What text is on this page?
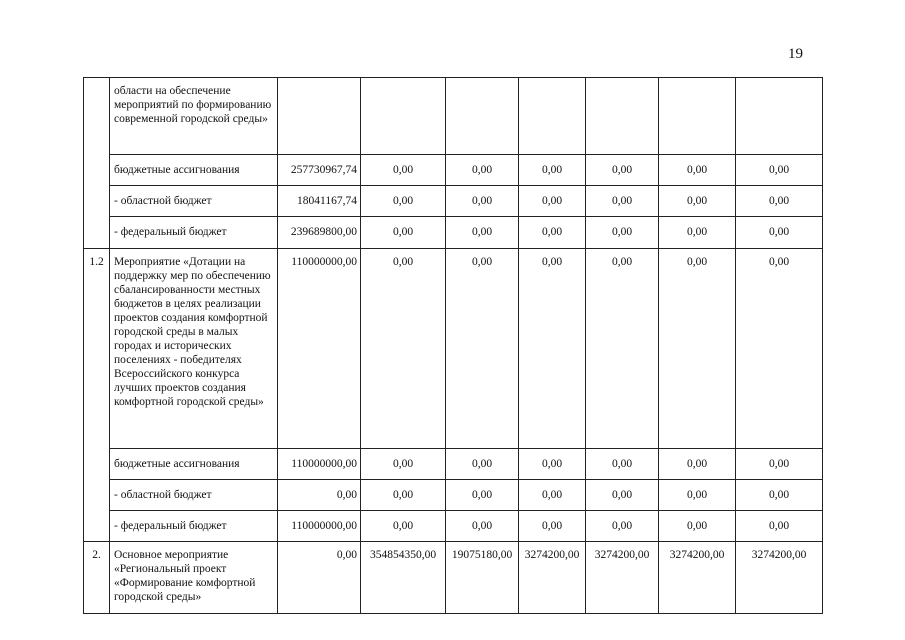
19
	области на обеспечение мероприятий по формированию современной городской среды»							
	бюджетные ассигнования	257730967,74	0,00	0,00	0,00	0,00	0,00	0,00
	- областной бюджет	18041167,74	0,00	0,00	0,00	0,00	0,00	0,00
	- федеральный бюджет	239689800,00	0,00	0,00	0,00	0,00	0,00	0,00
1.2	Мероприятие «Дотации на поддержку мер по обеспечению сбалансированности местных бюджетов в целях реализации проектов создания комфортной городской среды в малых городах и исторических поселениях - победителях Всероссийского конкурса лучших проектов создания комфортной городской среды»	110000000,00	0,00	0,00	0,00	0,00	0,00	0,00
	бюджетные ассигнования	110000000,00	0,00	0,00	0,00	0,00	0,00	0,00
	- областной бюджет	0,00	0,00	0,00	0,00	0,00	0,00	0,00
	- федеральный бюджет	110000000,00	0,00	0,00	0,00	0,00	0,00	0,00
2.	Основное мероприятие «Региональный проект «Формирование комфортной городской среды»	0,00	354854350,00	19075180,00	3274200,00	3274200,00	3274200,00	3274200,00
